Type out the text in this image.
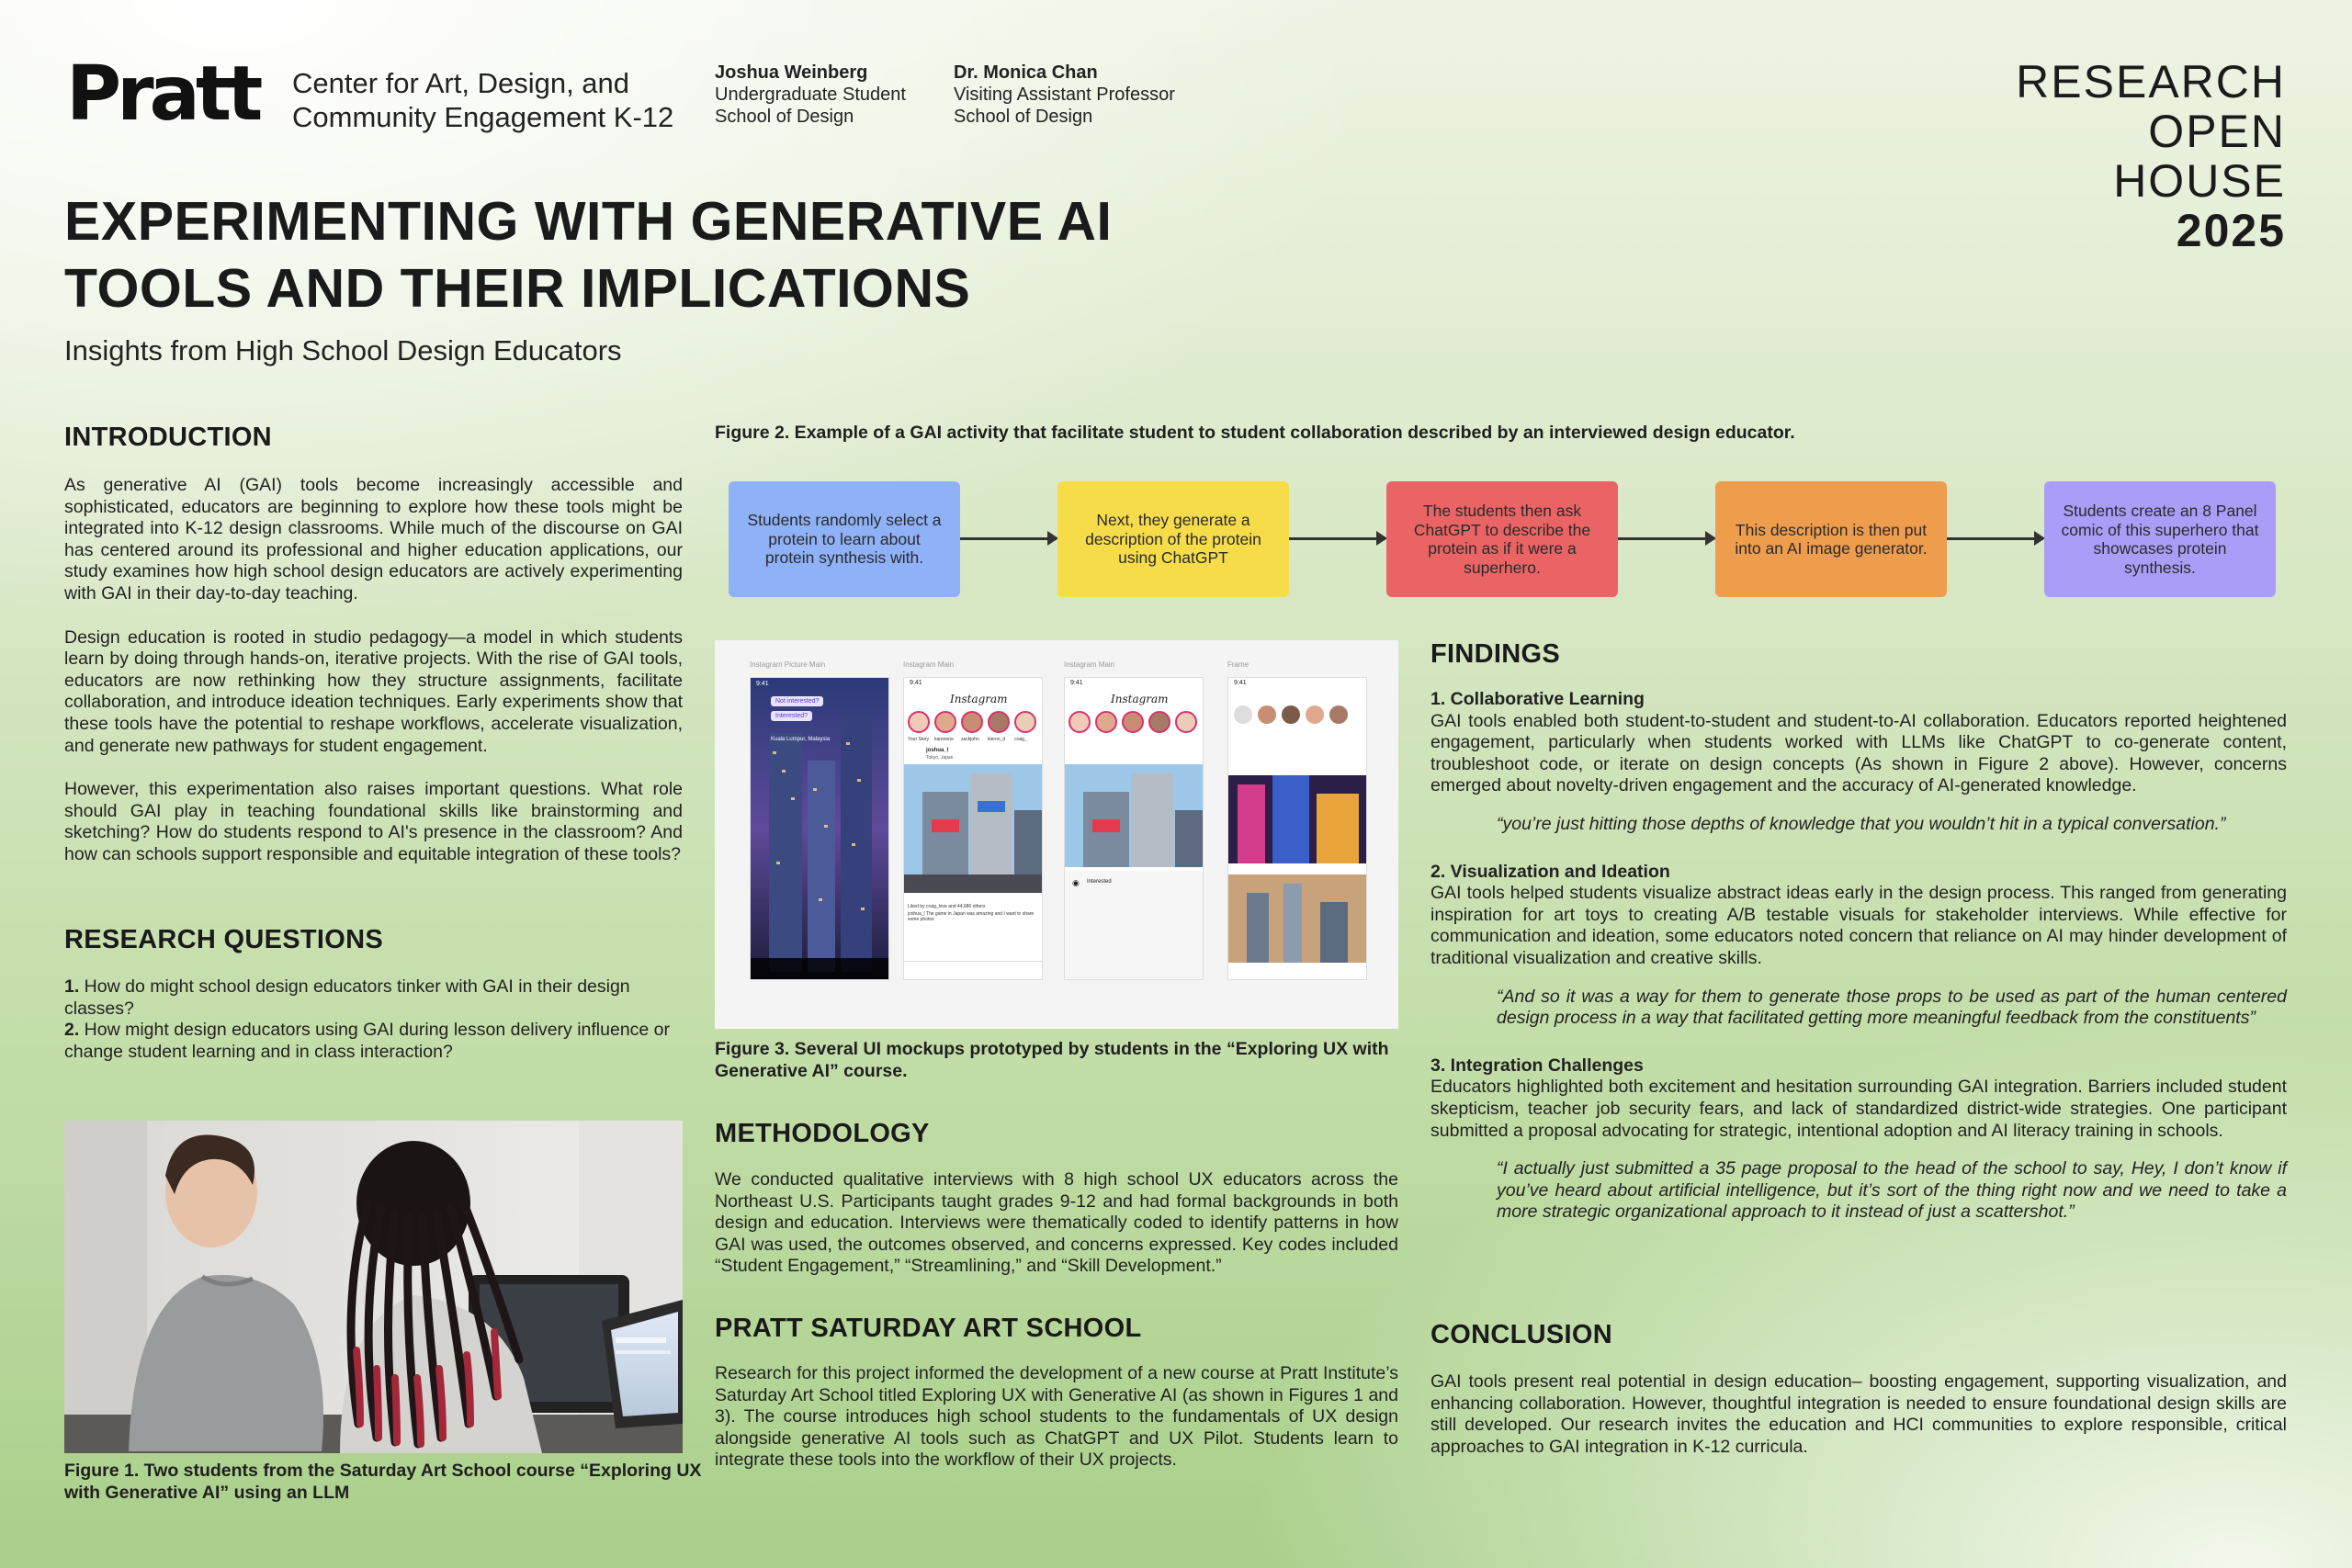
Pratt Center for Art, Design, and
Community Engagement K-12
Joshua Weinberg
Undergraduate Student
School of Design
Dr. Monica Chan
Visiting Assistant Professor
School of Design
RESEARCH
OPEN
HOUSE
2025
EXPERIMENTING WITH GENERATIVE AI
TOOLS AND THEIR IMPLICATIONS
Insights from High School Design Educators
INTRODUCTION

As generative AI (GAI) tools become increasingly accessible and sophisticated, educators are beginning to explore how these tools might be integrated into K-12 design classrooms. While much of the discourse on GAI has centered around its professional and higher education applications, our study examines how high school design educators are actively experimenting with GAI in their day-to-day teaching.

Design education is rooted in studio pedagogy—a model in which students learn by doing through hands-on, iterative projects. With the rise of GAI tools, educators are now rethinking how they structure assignments, facilitate collaboration, and introduce ideation techniques. Early experiments show that these tools have the potential to reshape workflows, accelerate visualization, and generate new pathways for student engagement.

However, this experimentation also raises important questions. What role should GAI play in teaching foundational skills like brainstorming and sketching? How do students respond to AI's presence in the classroom? And how can schools support responsible and equitable integration of these tools?

RESEARCH QUESTIONS
1. How do might school design educators tinker with GAI in their design classes?
2. How might design educators using GAI during lesson delivery influence or change student learning and in class interaction?
Figure 1. Two students from the Saturday Art School course “Exploring UX with Generative AI” using an LLM
Figure 2. Example of a GAI activity that facilitate student to student collaboration described by an interviewed design educator.
Students randomly select a protein to learn about protein synthesis with.
Next, they generate a description of the protein using ChatGPT
The students then ask ChatGPT to describe the protein as if it were a superhero.
This description is then put into an AI image generator.
Students create an 8 Panel comic of this superhero that showcases protein synthesis.
Instagram Picture Main	Instagram Main	Instagram Main	Frame
9:41
Not interested?
Interested?
Kuala Lumpur, Malaysia
9:41
Instagram
Your Story karennne	zackjohn	kieron_d	craig_
joshua_l
Tokyo, Japan
Liked by craig_love and 44,686 others
joshua_l The game in Japan was amazing and I want to share some photos
9:41
Instagram
◉ Interested
9:41
Figure 3. Several UI mockups prototyped by students in the “Exploring UX with Generative AI” course.
METHODOLOGY
We conducted qualitative interviews with 8 high school UX educators across the Northeast U.S. Participants taught grades 9-12 and had formal backgrounds in both design and education. Interviews were thematically coded to identify patterns in how GAI was used, the outcomes observed, and concerns expressed. Key codes included “Student Engagement,” “Streamlining,” and “Skill Development.”
PRATT SATURDAY ART SCHOOL
Research for this project informed the development of a new course at Pratt Institute’s Saturday Art School titled Exploring UX with Generative AI (as shown in Figures 1 and 3). The course introduces high school students to the fundamentals of UX design alongside generative AI tools such as ChatGPT and UX Pilot. Students learn to integrate these tools into the workflow of their UX projects.
FINDINGS
1. Collaborative Learning
GAI tools enabled both student-to-student and student-to-AI collaboration. Educators reported heightened engagement, particularly when students worked with LLMs like ChatGPT to co-generate content, troubleshoot code, or iterate on design concepts (As shown in Figure 2 above). However, concerns emerged about novelty-driven engagement and the accuracy of AI-generated knowledge.
“you’re just hitting those depths of knowledge that you wouldn’t hit in a typical conversation.”
2. Visualization and Ideation
GAI tools helped students visualize abstract ideas early in the design process. This ranged from generating inspiration for art toys to creating A/B testable visuals for stakeholder interviews. While effective for communication and ideation, some educators noted concern that reliance on AI may hinder development of traditional visualization and creative skills.
“And so it was a way for them to generate those props to be used as part of the human centered design process in a way that facilitated getting more meaningful feedback from the constituents”
3. Integration Challenges
Educators highlighted both excitement and hesitation surrounding GAI integration. Barriers included student skepticism, teacher job security fears, and lack of standardized district-wide strategies. One participant submitted a proposal advocating for strategic, intentional adoption and AI literacy training in schools.
“I actually just submitted a 35 page proposal to the head of the school to say, Hey, I don’t know if you’ve heard about artificial intelligence, but it’s sort of the thing right now and we need to take a more strategic organizational approach to it instead of just a scattershot.”
CONCLUSION
GAI tools present real potential in design education– boosting engagement, supporting visualization, and enhancing collaboration. However, thoughtful integration is needed to ensure foundational design skills are still developed. Our research invites the education and HCI communities to explore responsible, critical approaches to GAI integration in K-12 curricula.
